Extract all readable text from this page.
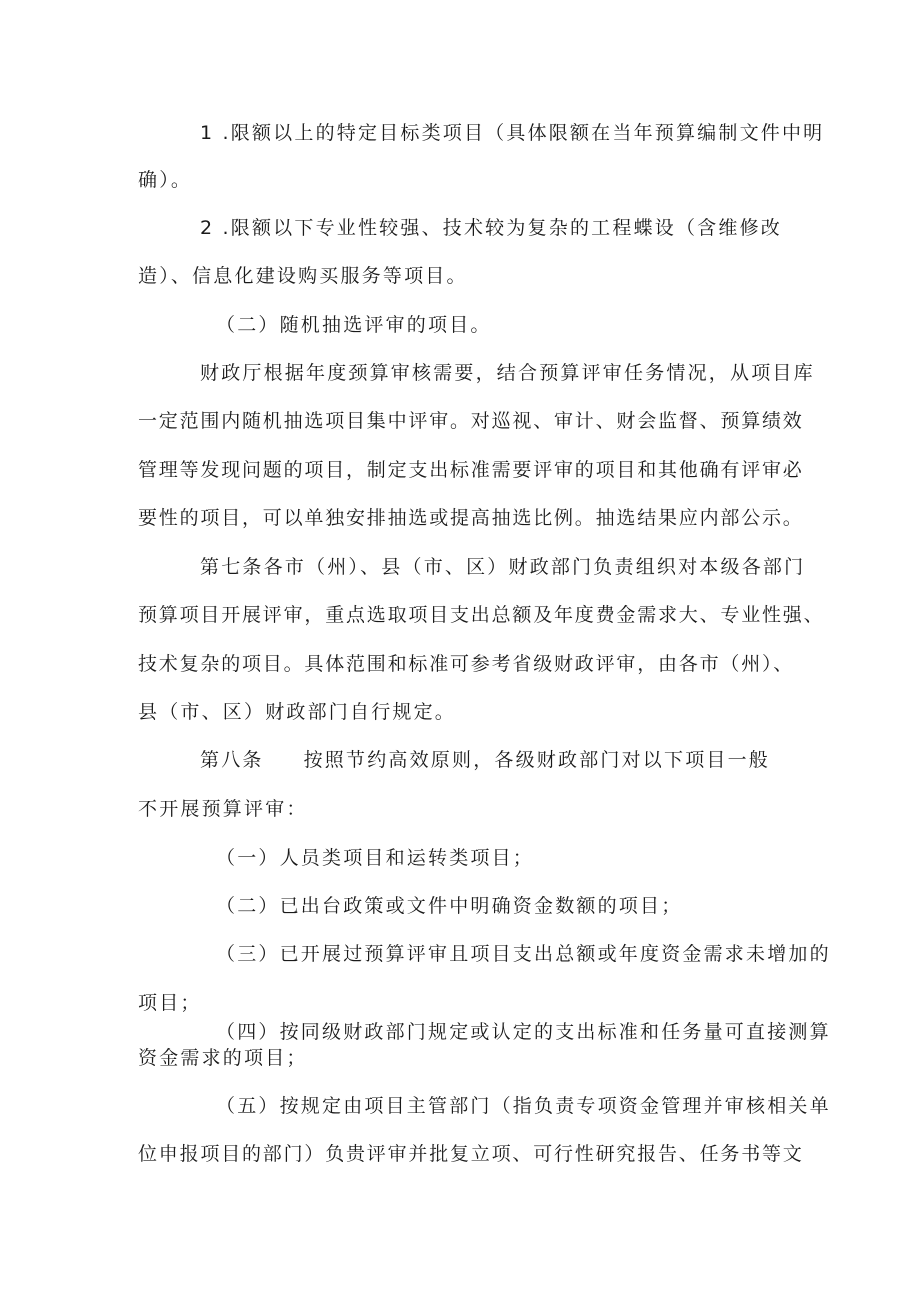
1 .限额以上的特定目标类项目（具体限额在当年预算编制文件中明
确）。
2 .限额以下专业性较强、技术较为复杂的工程蝶设（含维修改
造）、信息化建设购买服务等项目。
（二）随机抽选评审的项目。
财政厅根据年度颈算审核需要，结合预算评审任务情况，从项目库
一定范围内随机抽选项目集中评审。对巡视、审计、财会监督、预算绩效
管理等发现问题的项目，制定支出标准需要评审的项目和其他确有评审必
要性的项目，可以单独安排抽选或提高抽选比例。抽选结果应内部公示。
第七条各市（州）、县（市、区）财政部门负责组织对本级各部门
预算项目开展评审，重点选取项目支出总额及年度费金需求大、专业性强、
技术复杂的项目。具体范围和标准可参考省级财政评审，由各市（州）、
县（市、区）财政部门自行规定。
第八条 按照节约高效原则，各级财政部门对以下项目一般
不开展预算评审：
（一）人员类项目和运转类项目；
（二）已出台政策或文件中明确资金数额的项目；
（三）已开展过预算评审且项目支出总额或年度资金需求未增加的
项目；
（四）按同级财政部门规定或认定的支出标准和任务量可直接测算
资金需求的项目；
（五）按规定由项目主管部门（指负责专项资金管理并审核相关单
位申报项目的部门）负贵评审并批复立项、可行性研究报告、任务书等文
